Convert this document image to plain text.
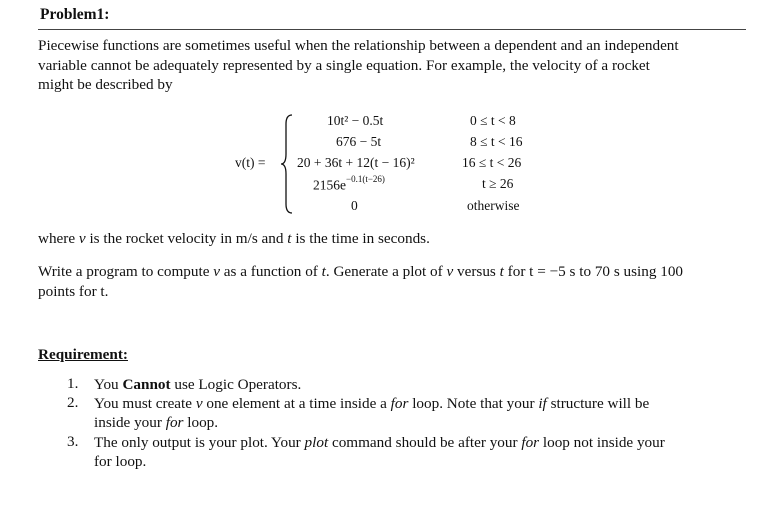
Problem1:
Piecewise functions are sometimes useful when the relationship between a dependent and an independent
variable cannot be adequately represented by a single equation. For example, the velocity of a rocket
might be described by
v(t) =
10t² − 0.5t
676 − 5t
20 + 36t + 12(t − 16)²
$2156e^{-0.1(t-26)}$
0
0 ≤ t < 8
8 ≤ t < 16
16 ≤ t < 26
t ≥ 26
otherwise
where v is the rocket velocity in m/s and t is the time in seconds.
Write a program to compute v as a function of t. Generate a plot of v versus t for t = −5 s to 70 s using 100
points for t.
Requirement:
1. You Cannot use Logic Operators.
2. You must create v one element at a time inside a for loop. Note that your if structure will be
inside your for loop.
3. The only output is your plot. Your plot command should be after your for loop not inside your
for loop.
